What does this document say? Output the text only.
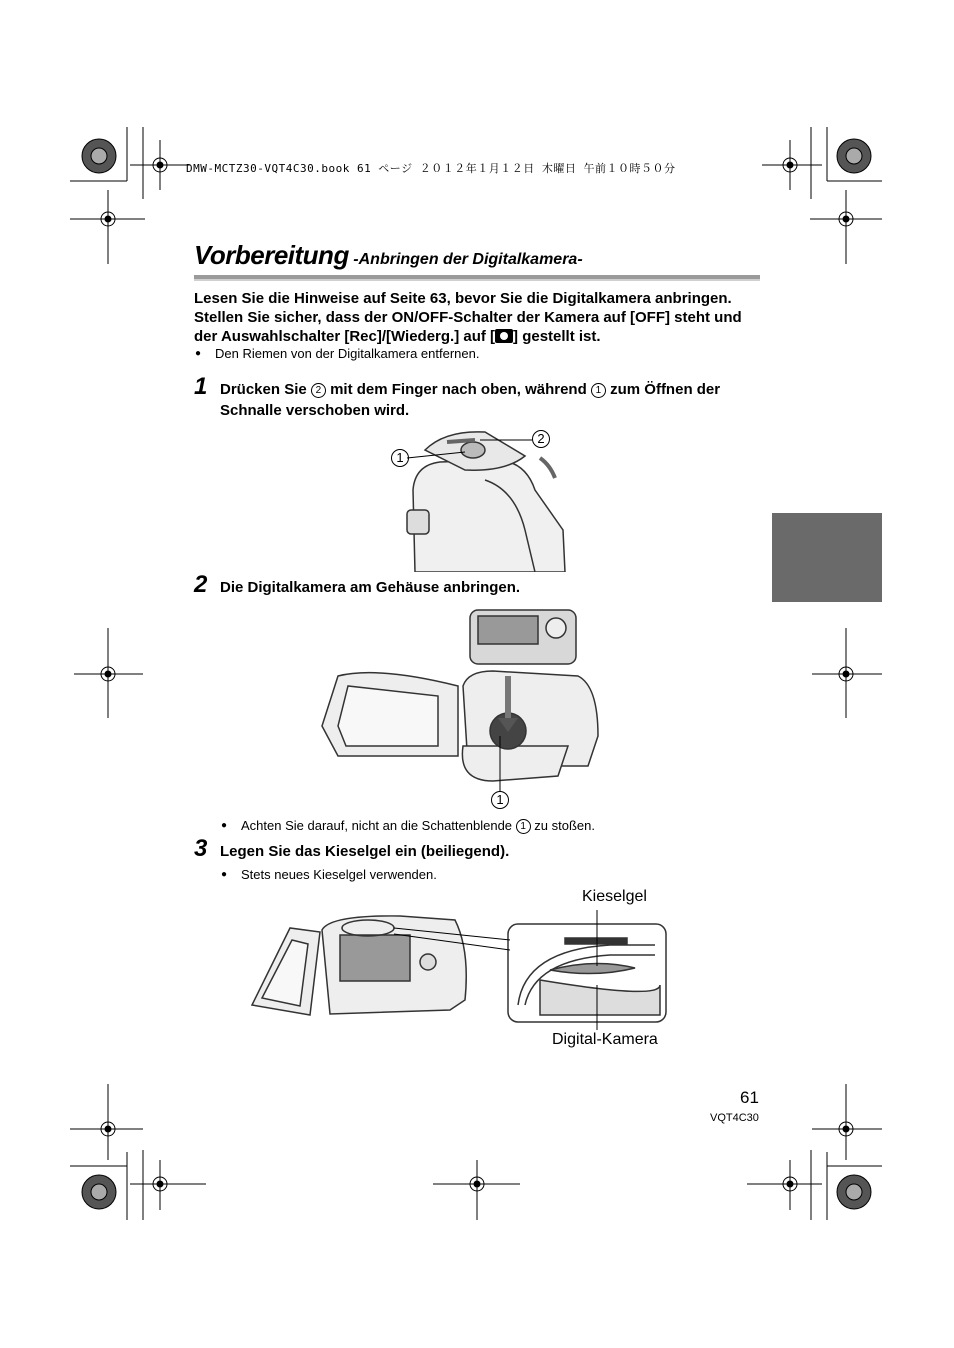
DMW-MCTZ30-VQT4C30.book 61 ページ ２０１２年１月１２日 木曜日 午前１０時５０分
Vorbereitung -Anbringen der Digitalkamera-
Lesen Sie die Hinweise auf Seite 63, bevor Sie die Digitalkamera anbringen. Stellen Sie sicher, dass der ON/OFF-Schalter der Kamera auf [OFF] steht und der Auswahlschalter [Rec]/[Wiederg.] auf [ ] gestellt ist.
● Den Riemen von der Digitalkamera entfernen.
1 Drücken Sie 2 mit dem Finger nach oben, während 1 zum Öffnen der Schnalle verschoben wird.
1
2
2 Die Digitalkamera am Gehäuse anbringen.
1
● Achten Sie darauf, nicht an die Schattenblende 1 zu stoßen.
3 Legen Sie das Kieselgel ein (beiliegend).
● Stets neues Kieselgel verwenden.
Kieselgel
Digital-Kamera
61
VQT4C30
